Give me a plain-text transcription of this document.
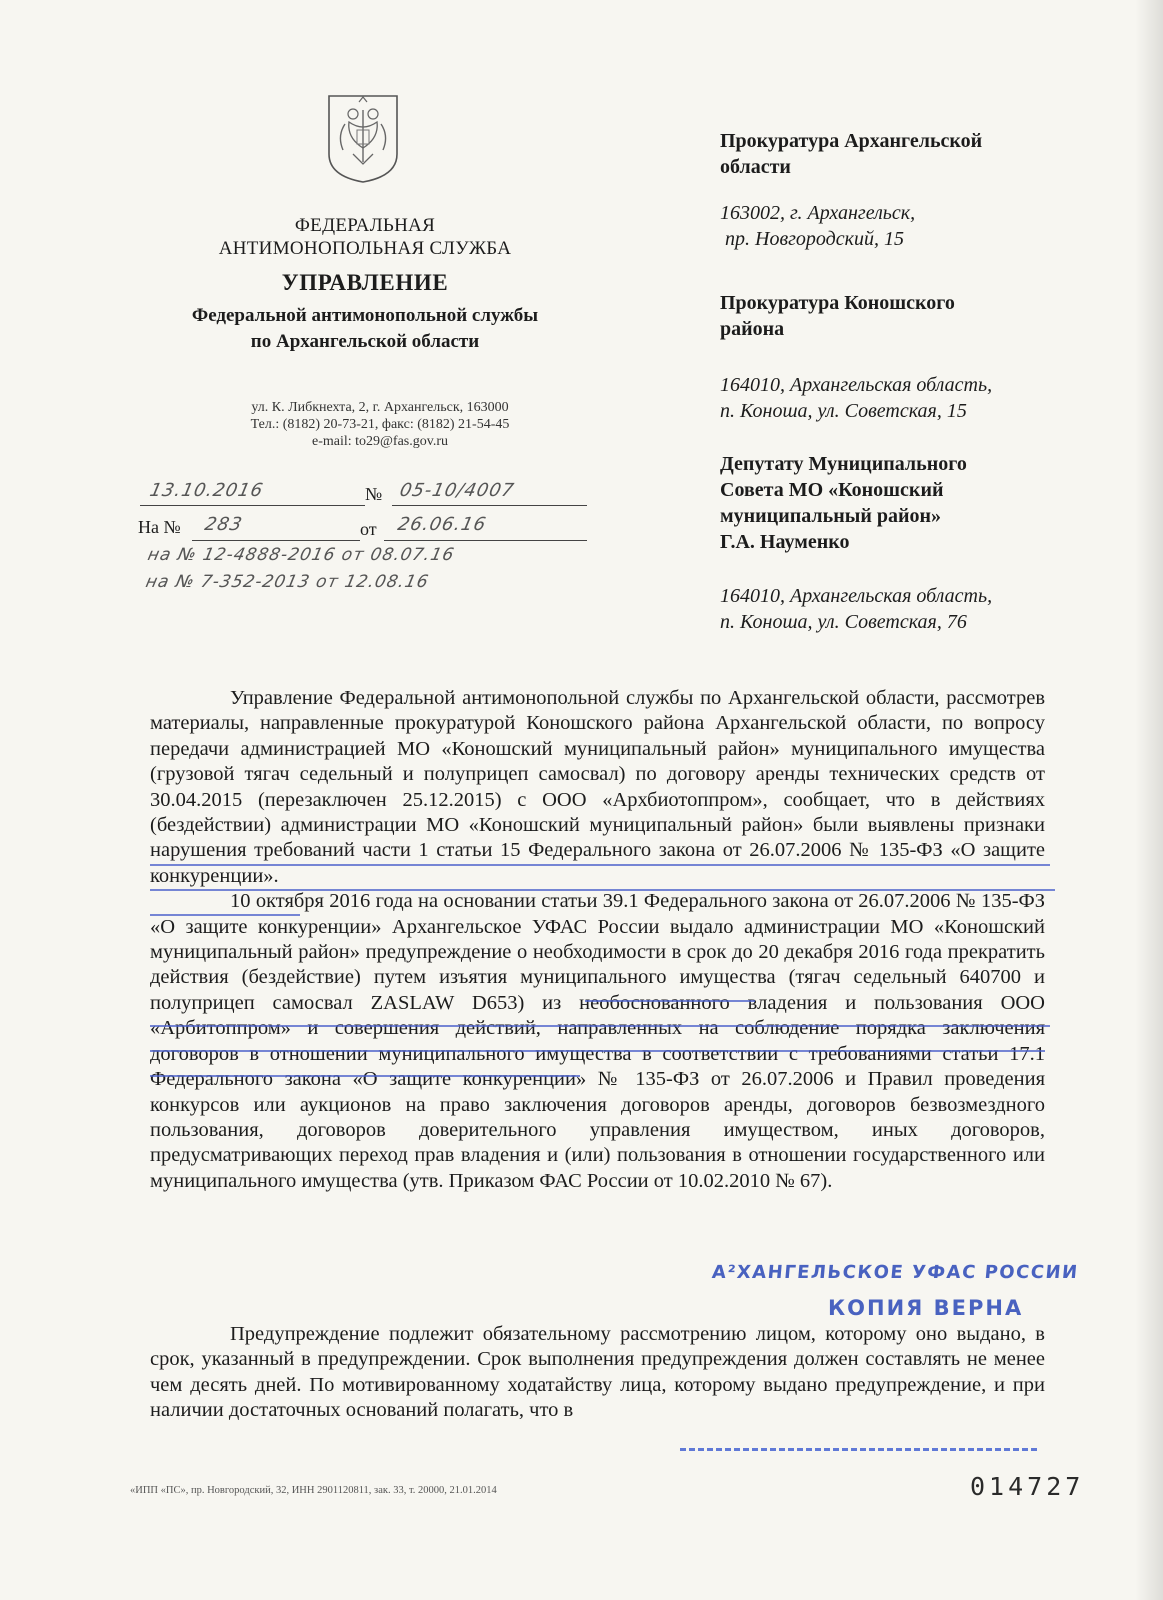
ФЕДЕРАЛЬНАЯ
АНТИМОНОПОЛЬНАЯ СЛУЖБА
УПРАВЛЕНИЕ
Федеральной антимонопольной службы
по Архангельской области
ул. К. Либкнехта, 2, г. Архангельск, 163000
Тел.: (8182) 20-73-21, факс: (8182) 21-54-45
e-mail: to29@fas.gov.ru
13.10.2016	№ 05-10/4007
На № 283	от 26.06.16
на № 12-4888-2016 от 08.07.16
на № 7-352-2013 от 12.08.16
Прокуратура Архангельской
области
163002, г. Архангельск,
пр. Новгородский, 15
Прокуратура Коношского
района
164010, Архангельская область,
п. Коноша, ул. Советская, 15
Депутату Муниципального
Совета МО «Коношский
муниципальный район»
Г.А. Науменко
164010, Архангельская область,
п. Коноша, ул. Советская, 76

Управление Федеральной антимонопольной службы по Архангельской области, рассмотрев материалы, направленные прокуратурой Коношского района Архангельской области, по вопросу передачи администрацией МО «Коношский муниципальный район» муниципального имущества (грузовой тягач седельный и полуприцеп самосвал) по договору аренды технических средств от 30.04.2015 (перезаключен 25.12.2015) с ООО «Архбиотоппром», сообщает, что в действиях (бездействии) администрации МО «Коношский муниципальный район» были выявлены признаки нарушения требований части 1 статьи 15 Федерального закона от 26.07.2006 № 135-ФЗ «О защите конкуренции».

10 октября 2016 года на основании статьи 39.1 Федерального закона от 26.07.2006 № 135-ФЗ «О защите конкуренции» Архангельское УФАС России выдало администрации МО «Коношский муниципальный район» предупреждение о необходимости в срок до 20 декабря 2016 года прекратить действия (бездействие) путем изъятия муниципального имущества (тягач седельный 640700 и полуприцеп самосвал ZASLAW D653) из необоснованного владения и пользования ООО «Арбитоппром» и совершения действий, направленных на соблюдение порядка заключения договоров в отношении муниципального имущества в соответствии с требованиями статьи 17.1 Федерального закона «О защите конкуренции» № 135-ФЗ от 26.07.2006 и Правил проведения конкурсов или аукционов на право заключения договоров аренды, договоров безвозмездного пользования, договоров доверительного управления имуществом, иных договоров, предусматривающих переход прав владения и (или) пользования в отношении государственного или муниципального имущества (утв. Приказом ФАС России от 10.02.2010 № 67).

Предупреждение подлежит обязательному рассмотрению лицом, которому оно выдано, в срок, указанный в предупреждении. Срок выполнения предупреждения должен составлять не менее чем десять дней. По мотивированному ходатайству лица, которому выдано предупреждение, и при наличии достаточных оснований полагать, что в

А²ХАНГЕЛЬСКОЕ УФАС РОССИИ
КОПИЯ ВЕРНА
«ИПП «ПС», пр. Новгородский, 32, ИНН 2901120811, зак. 33, т. 20000, 21.01.2014	014727
